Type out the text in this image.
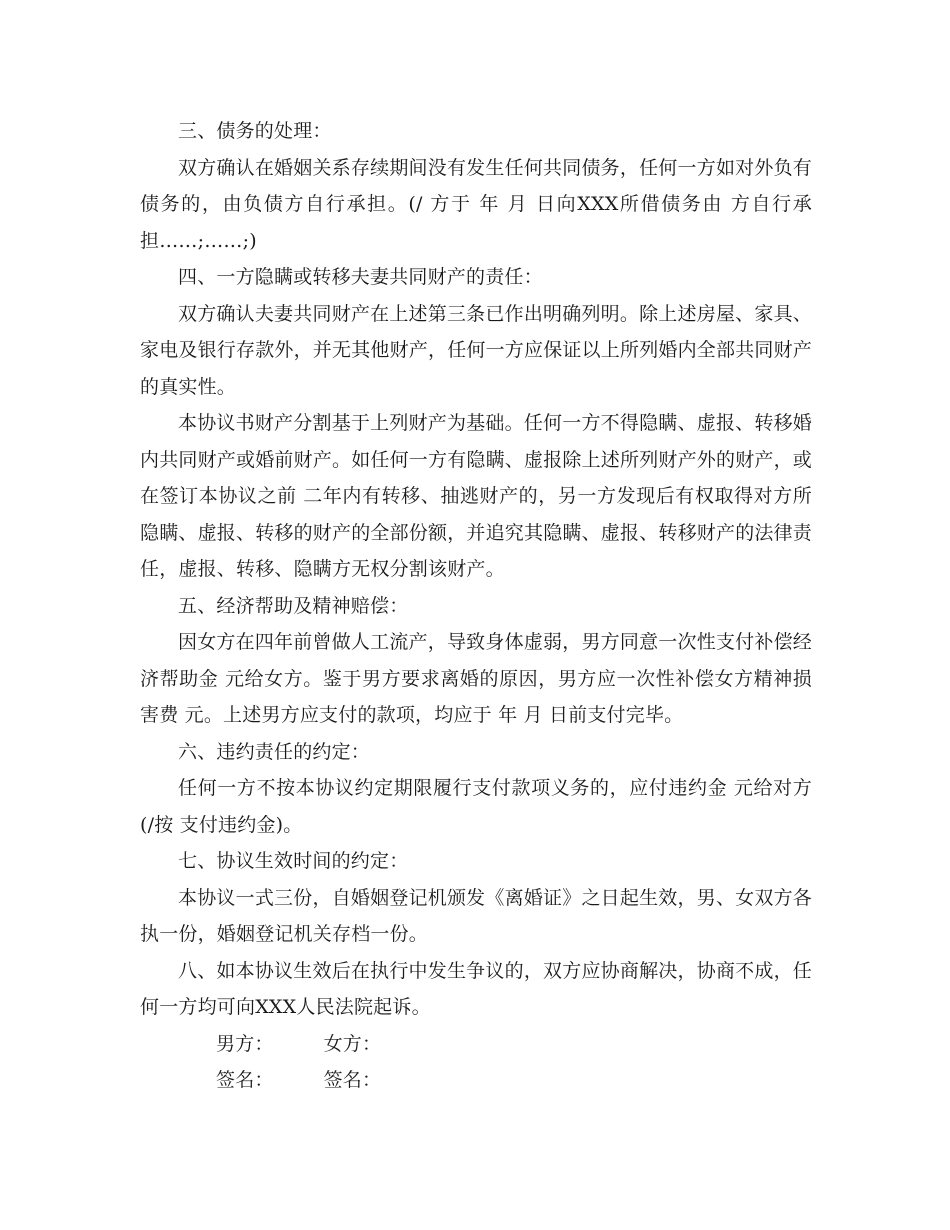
三、债务的处理：

双方确认在婚姻关系存续期间没有发生任何共同债务，任何一方如对外负有债务的，由负债方自行承担。(/ 方于 年 月 日向XXX所借债务由 方自行承担……;……;)

四、一方隐瞒或转移夫妻共同财产的责任：

双方确认夫妻共同财产在上述第三条已作出明确列明。除上述房屋、家具、家电及银行存款外，并无其他财产，任何一方应保证以上所列婚内全部共同财产的真实性。

本协议书财产分割基于上列财产为基础。任何一方不得隐瞒、虚报、转移婚内共同财产或婚前财产。如任何一方有隐瞒、虚报除上述所列财产外的财产，或在签订本协议之前 二年内有转移、抽逃财产的，另一方发现后有权取得对方所隐瞒、虚报、转移的财产的全部份额，并追究其隐瞒、虚报、转移财产的法律责任，虚报、转移、隐瞒方无权分割该财产。

五、经济帮助及精神赔偿：

因女方在四年前曾做人工流产，导致身体虚弱，男方同意一次性支付补偿经济帮助金 元给女方。鉴于男方要求离婚的原因，男方应一次性补偿女方精神损害费 元。上述男方应支付的款项，均应于 年 月 日前支付完毕。

六、违约责任的约定：

任何一方不按本协议约定期限履行支付款项义务的，应付违约金 元给对方(/按 支付违约金)。

七、协议生效时间的约定：

本协议一式三份，自婚姻登记机颁发《离婚证》之日起生效，男、女双方各执一份，婚姻登记机关存档一份。

八、如本协议生效后在执行中发生争议的，双方应协商解决，协商不成，任何一方均可向XXX人民法院起诉。

男方：	女方：

签名：	签名：
